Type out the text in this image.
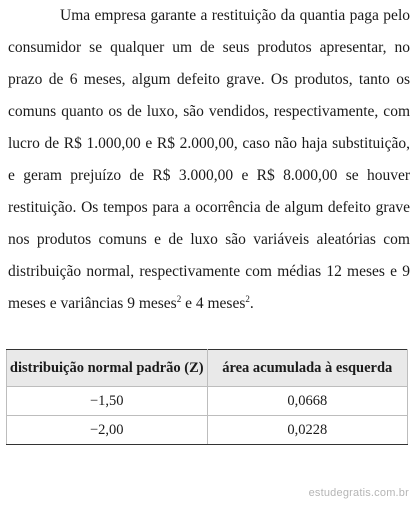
Uma empresa garante a restituição da quantia paga pelo consumidor se qualquer um de seus produtos apresentar, no prazo de 6 meses, algum defeito grave. Os produtos, tanto os comuns quanto os de luxo, são vendidos, respectivamente, com lucro de R$ 1.000,00 e R$ 2.000,00, caso não haja substituição, e geram prejuízo de R$ 3.000,00 e R$ 8.000,00 se houver restituição. Os tempos para a ocorrência de algum defeito grave nos produtos comuns e de luxo são variáveis aleatórias com distribuição normal, respectivamente com médias 12 meses e 9 meses e variâncias 9 meses$^2$ e 4 meses$^2$.

distribuição normal padrão (Z)	área acumulada à esquerda
−1,50	0,0668
−2,00	0,0228
estudegratis.com.br
